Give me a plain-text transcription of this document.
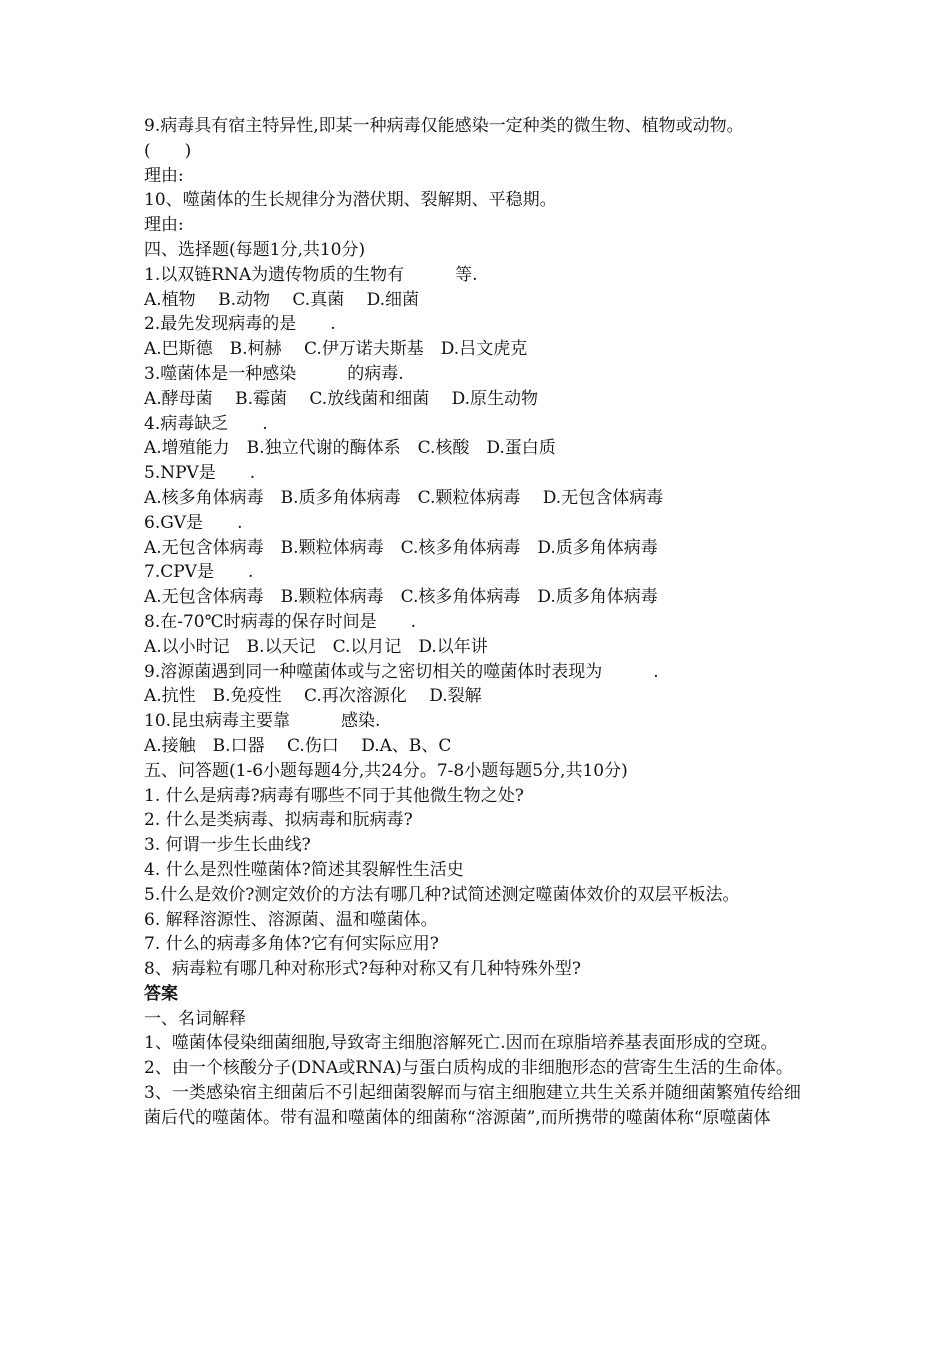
9.病毒具有宿主特异性,即某一种病毒仅能感染一定种类的微生物、植物或动物。
(　　)
理由:
10、噬菌体的生长规律分为潜伏期、裂解期、平稳期。
理由:
四、选择题(每题1分,共10分)
1.以双链RNA为遗传物质的生物有　　　等.
A.植物　 B.动物　 C.真菌　 D.细菌
2.最先发现病毒的是　　.
A.巴斯德　B.柯赫　 C.伊万诺夫斯基　D.吕文虎克
3.噬菌体是一种感染　　　的病毒.
A.酵母菌　 B.霉菌　 C.放线菌和细菌　 D.原生动物
4.病毒缺乏　　.
A.增殖能力　B.独立代谢的酶体系　C.核酸　D.蛋白质
5.NPV是　　.
A.核多角体病毒　B.质多角体病毒　C.颗粒体病毒　 D.无包含体病毒
6.GV是　　.
A.无包含体病毒　B.颗粒体病毒　C.核多角体病毒　D.质多角体病毒
7.CPV是　　.
A.无包含体病毒　B.颗粒体病毒　C.核多角体病毒　D.质多角体病毒
8.在-70℃时病毒的保存时间是　　.
A.以小时记　B.以天记　C.以月记　D.以年讲
9.溶源菌遇到同一种噬菌体或与之密切相关的噬菌体时表现为　　　.
A.抗性　B.免疫性　 C.再次溶源化　 D.裂解
10.昆虫病毒主要靠　　　感染.
A.接触　B.口器　 C.伤口　 D.A、B、C
五、问答题(1-6小题每题4分,共24分。7-8小题每题5分,共10分)
1. 什么是病毒?病毒有哪些不同于其他微生物之处?
2. 什么是类病毒、拟病毒和朊病毒?
3. 何谓一步生长曲线?
4. 什么是烈性噬菌体?简述其裂解性生活史
5.什么是效价?测定效价的方法有哪几种?试简述测定噬菌体效价的双层平板法。
6. 解释溶源性、溶源菌、温和噬菌体。
7. 什么的病毒多角体?它有何实际应用?
8、病毒粒有哪几种对称形式?每种对称又有几种特殊外型?
答案
一、名词解释
1、噬菌体侵染细菌细胞,导致寄主细胞溶解死亡.因而在琼脂培养基表面形成的空斑。
2、由一个核酸分子(DNA或RNA)与蛋白质构成的非细胞形态的营寄生生活的生命体。
3、一类感染宿主细菌后不引起细菌裂解而与宿主细胞建立共生关系并随细菌繁殖传给细菌后代的噬菌体。带有温和噬菌体的细菌称“溶源菌”,而所携带的噬菌体称“原噬菌体
